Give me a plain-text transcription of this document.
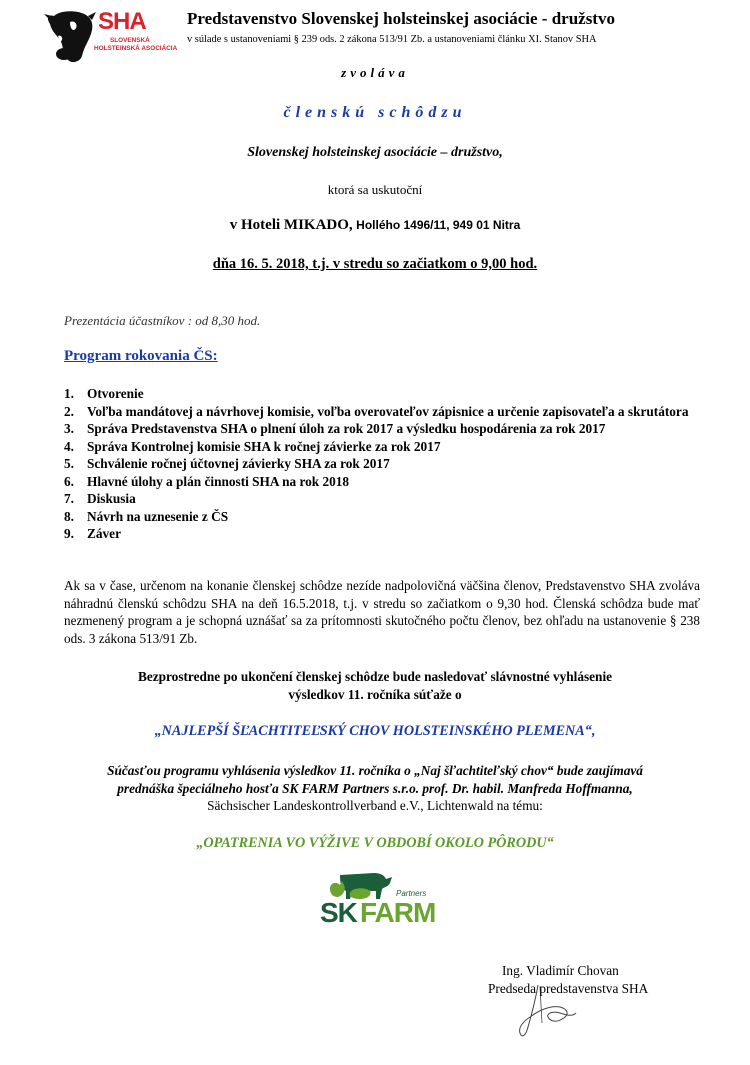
SHA
SLOVENSKÁ
HOLSTEINSKÁ ASOCIÁCIA
Predstavenstvo Slovenskej holsteinskej asociácie - družstvo
v súlade s ustanoveniami § 239 ods. 2 zákona 513/91 Zb. a ustanoveniami článku XI. Stanov SHA
zvoláva
členskú schôdzu
Slovenskej holsteinskej asociácie – družstvo,
ktorá sa uskutoční
v Hoteli MIKADO, Hollého 1496/11, 949 01 Nitra
dňa 16. 5. 2018, t.j. v stredu so začiatkom o 9,00 hod.
Prezentácia účastníkov : od 8,30 hod.
Program rokovania ČS:
1. Otvorenie
2. Voľba mandátovej a návrhovej komisie, voľba overovateľov zápisnice a určenie zapisovateľa a skrutátora
3. Správa Predstavenstva SHA o plnení úloh za rok 2017 a výsledku hospodárenia za rok 2017
4. Správa Kontrolnej komisie SHA k ročnej závierke za rok 2017
5. Schválenie ročnej účtovnej závierky SHA za rok 2017
6. Hlavné úlohy a plán činnosti SHA na rok 2018
7. Diskusia
8. Návrh na uznesenie z ČS
9. Záver
Ak sa v čase, určenom na konanie členskej schôdze nezíde nadpolovičná väčšina členov, Predstavenstvo SHA zvoláva náhradnú členskú schôdzu SHA na deň 16.5.2018, t.j. v stredu so začiatkom o 9,30 hod. Členská schôdza bude mať nezmenený program a je schopná uznášať sa za prítomnosti skutočného počtu členov, bez ohľadu na ustanovenie § 238 ods. 3 zákona 513/91 Zb.
Bezprostredne po ukončení členskej schôdze bude nasledovať slávnostné vyhlásenie
výsledkov 11. ročníka súťaže o
„NAJLEPŠÍ ŠĽACHTITEĽSKÝ CHOV HOLSTEINSKÉHO PLEMENA“,
Súčasťou programu vyhlásenia výsledkov 11. ročníka o „Naj šľachtiteľský chov“ bude zaujímavá
prednáška špeciálneho hosťa SK FARM Partners s.r.o. prof. Dr. habil. Manfreda Hoffmanna,
Sächsischer Landeskontrollverband e.V., Lichtenwald na tému:
„OPATRENIA VO VÝŽIVE V OBDOBÍ OKOLO PÔRODU“
Partners
SK FARM
Ing. Vladimír Chovan
Predseda predstavenstva SHA
